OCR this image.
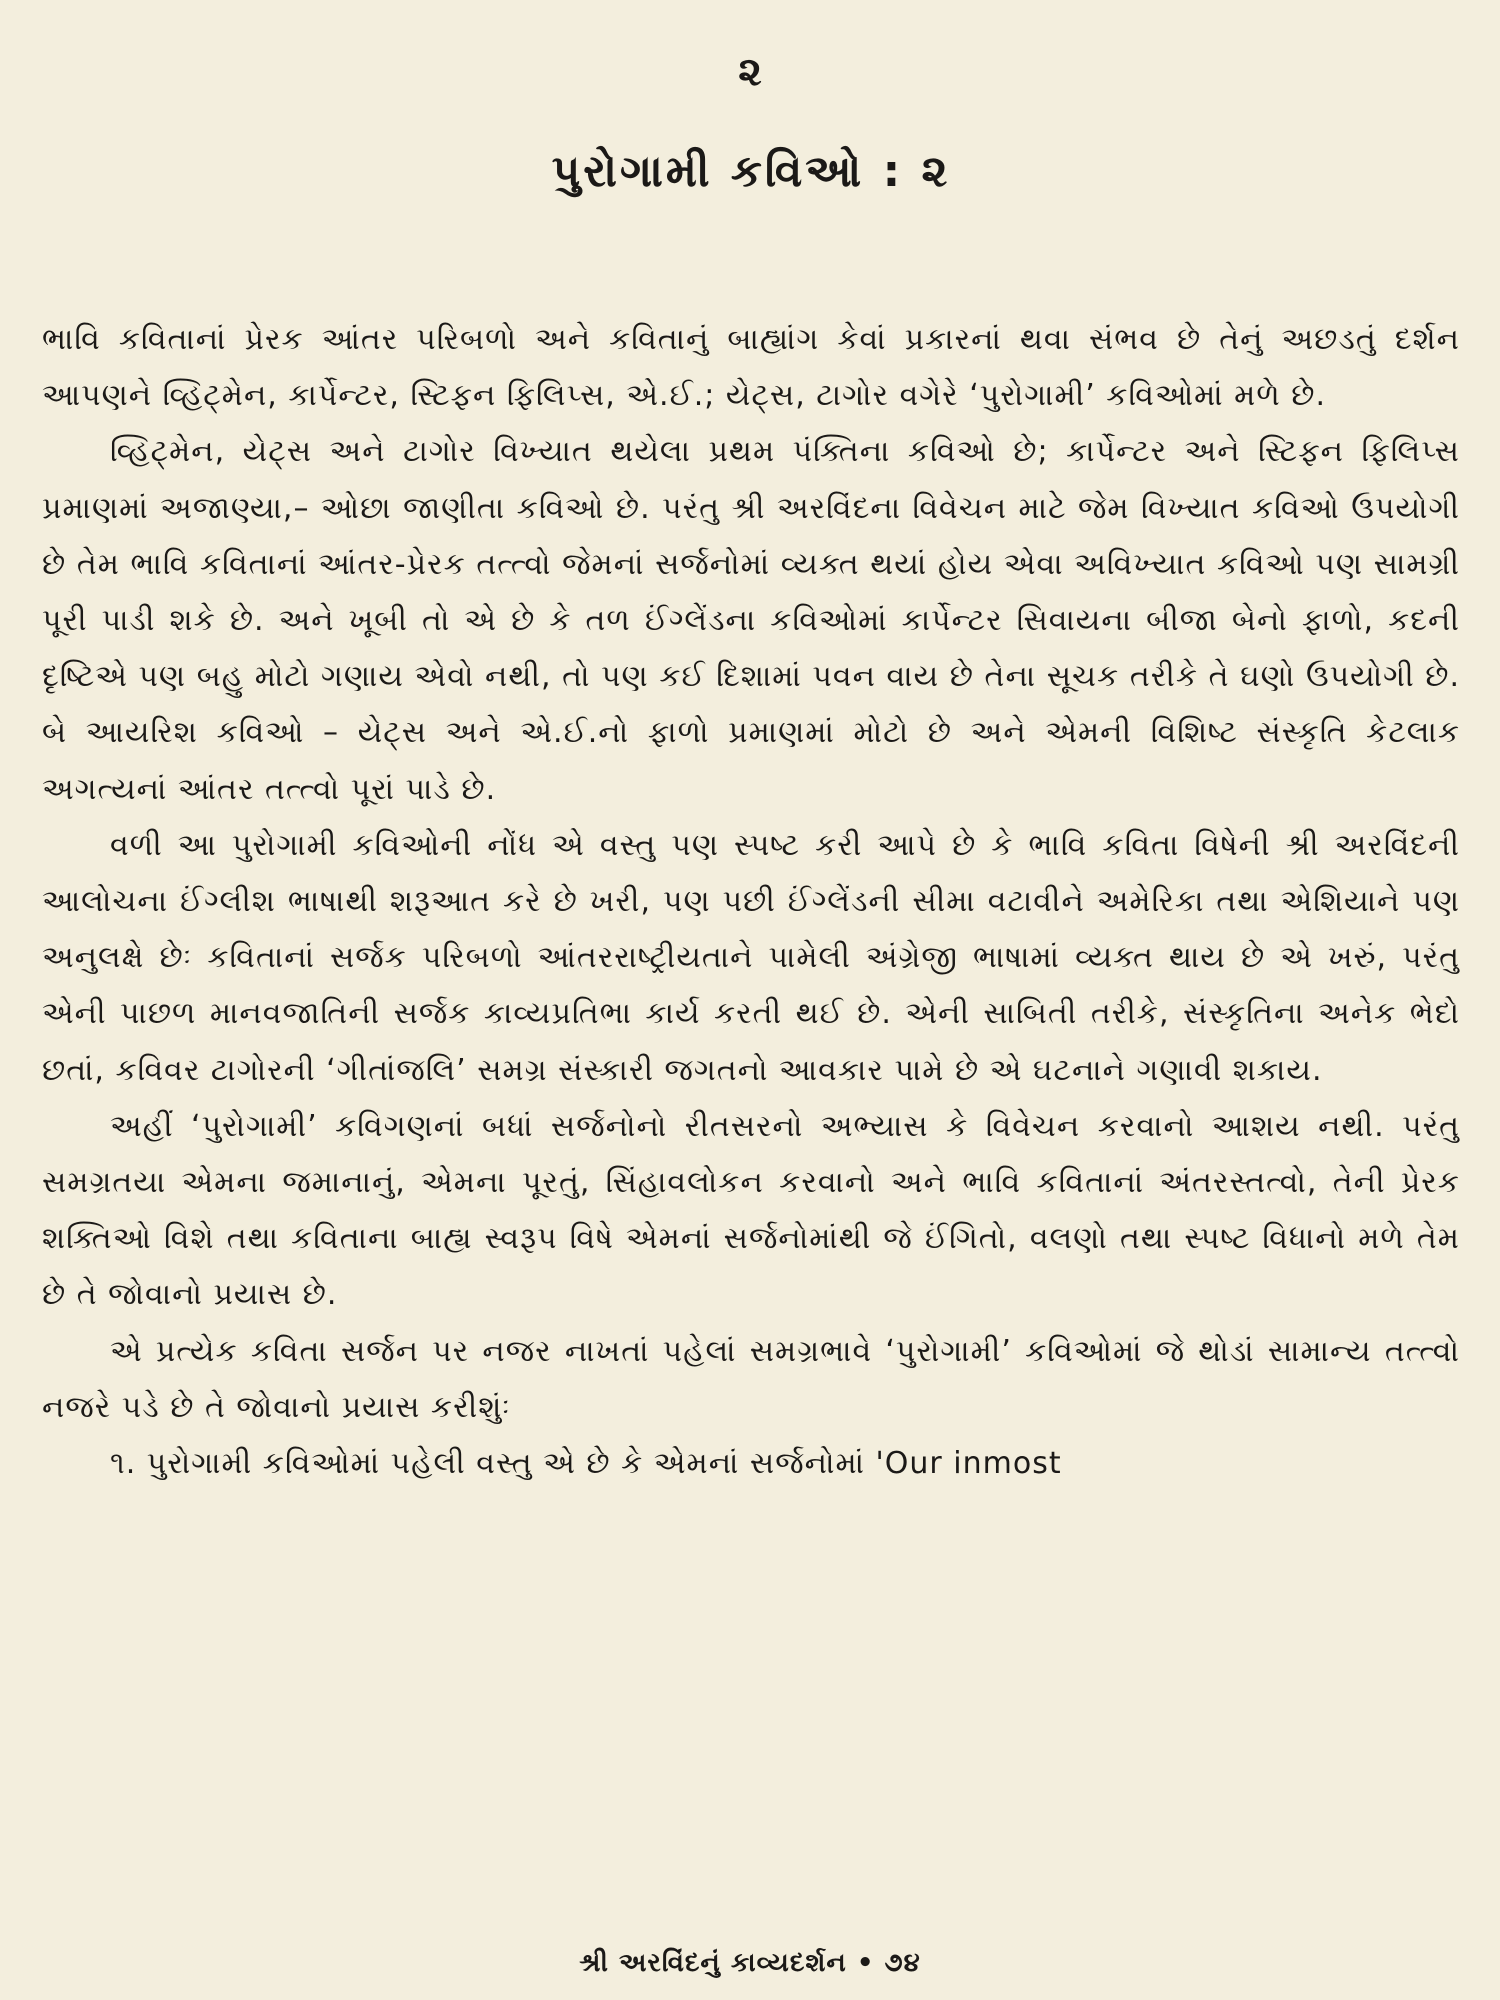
૨
પુરોગામી કવિઓ : ૨

ભાવિ કવિતાનાં પ્રેરક આંતર પરિબળો અને કવિતાનું બાહ્યાંગ કેવાં પ્રકારનાં થવા સંભવ છે તેનું અછડતું દર્શન આપણને વ્હિટ્મેન, કાર્પેન્ટર, સ્ટિફન ફિલિપ્સ, એ.ઈ.; યેટ્સ, ટાગોર વગેરે ‘પુરોગામી’ કવિઓમાં મળે છે.

વ્હિટ્મેન, યેટ્સ અને ટાગોર વિખ્યાત થયેલા પ્રથમ પંક્તિના કવિઓ છે; કાર્પેન્ટર અને સ્ટિફન ફિલિપ્સ પ્રમાણમાં અજાણ્યા,– ઓછા જાણીતા કવિઓ છે. પરંતુ શ્રી અરવિંદના વિવેચન માટે જેમ વિખ્યાત કવિઓ ઉપયોગી છે તેમ ભાવિ કવિતાનાં આંતર-પ્રેરક તત્ત્વો જેમનાં સર્જનોમાં વ્યક્ત થયાં હોય એવા અવિખ્યાત કવિઓ પણ સામગ્રી પૂરી પાડી શકે છે. અને ખૂબી તો એ છે કે તળ ઈંગ્લેંડના કવિઓમાં કાર્પેન્ટર સિવાયના બીજા બેનો ફાળો, કદની દૃષ્ટિએ પણ બહુ મોટો ગણાય એવો નથી, તો પણ કઈ દિશામાં પવન વાય છે તેના સૂચક તરીકે તે ઘણો ઉપયોગી છે. બે આયરિશ કવિઓ – યેટ્સ અને એ.ઈ.નો ફાળો પ્રમાણમાં મોટો છે અને એમની વિશિષ્ટ સંસ્કૃતિ કેટલાક અગત્યનાં આંતર તત્ત્વો પૂરાં પાડે છે.

વળી આ પુરોગામી કવિઓની નોંધ એ વસ્તુ પણ સ્પષ્ટ કરી આપે છે કે ભાવિ કવિતા વિષેની શ્રી અરવિંદની આલોચના ઈંગ્લીશ ભાષાથી શરૂઆત કરે છે ખરી, પણ પછી ઈંગ્લેંડની સીમા વટાવીને અમેરિકા તથા એશિયાને પણ અનુલક્ષે છેઃ કવિતાનાં સર્જક પરિબળો આંતરરાષ્ટ્રીયતાને પામેલી અંગ્રેજી ભાષામાં વ્યક્ત થાય છે એ ખરું, પરંતુ એની પાછળ માનવજાતિની સર્જક કાવ્યપ્રતિભા કાર્ય કરતી થઈ છે. એની સાબિતી તરીકે, સંસ્કૃતિના અનેક ભેદો છતાં, કવિવર ટાગોરની ‘ગીતાંજલિ’ સમગ્ર સંસ્કારી જગતનો આવકાર પામે છે એ ઘટનાને ગણાવી શકાય.

અહીં ‘પુરોગામી’ કવિગણનાં બધાં સર્જનોનો રીતસરનો અભ્યાસ કે વિવેચન કરવાનો આશય નથી. પરંતુ સમગ્રતયા એમના જમાનાનું, એમના પૂરતું, સિંહાવલોકન કરવાનો અને ભાવિ કવિતાનાં અંતરસ્તત્વો, તેની પ્રેરક શક્તિઓ વિશે તથા કવિતાના બાહ્ય સ્વરૂપ વિષે એમનાં સર્જનોમાંથી જે ઈંગિતો, વલણો તથા સ્પષ્ટ વિધાનો મળે તેમ છે તે જોવાનો પ્રયાસ છે.

એ પ્રત્યેક કવિતા સર્જન પર નજર નાખતાં પહેલાં સમગ્રભાવે ‘પુરોગામી’ કવિઓમાં જે થોડાં સામાન્ય તત્ત્વો નજરે પડે છે તે જોવાનો પ્રયાસ કરીશુંઃ

૧. પુરોગામી કવિઓમાં પહેલી વસ્તુ એ છે કે એમનાં સર્જનોમાં 'Our inmost

શ્રી અરવિંદનું કાવ્યદર્શન • ૭૪
